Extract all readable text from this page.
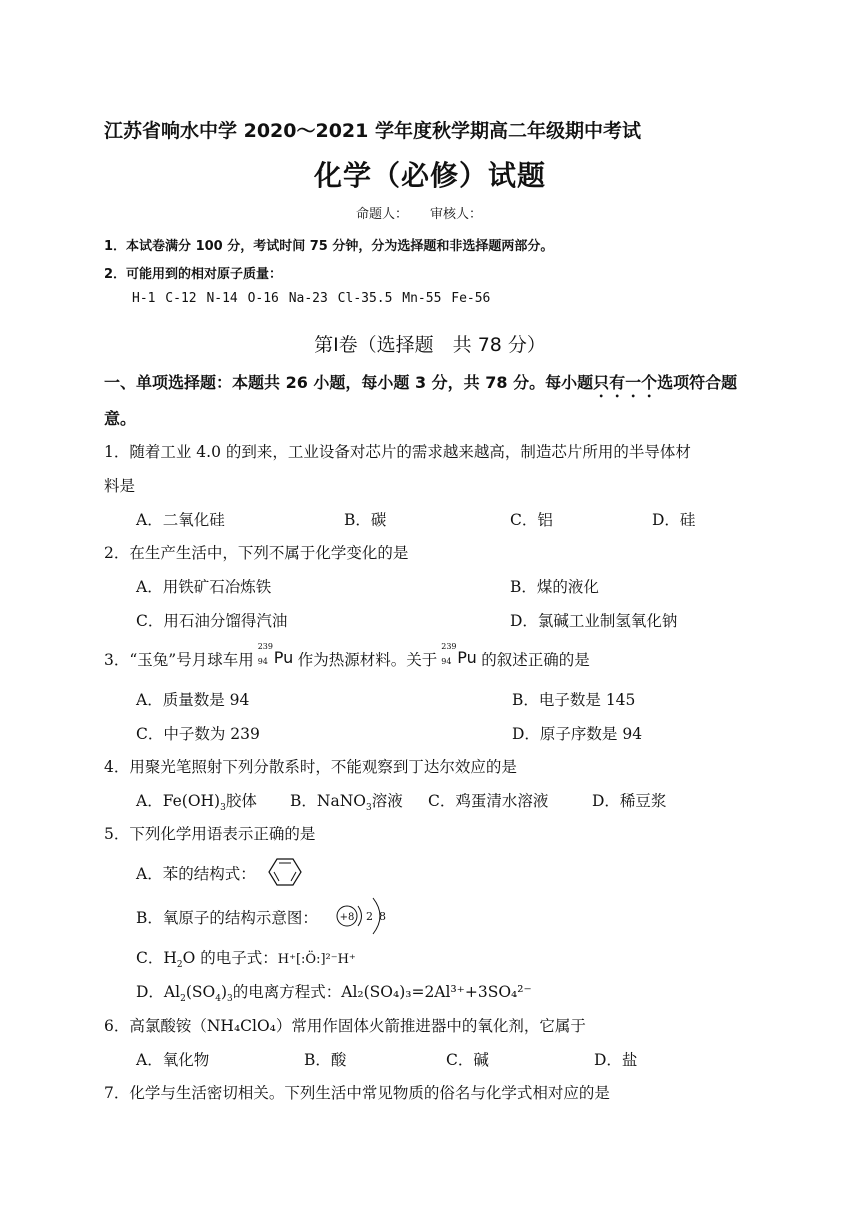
江苏省响水中学 2020～2021 学年度秋学期高二年级期中考试
化学（必修）试题
命题人： 审核人：
1．本试卷满分 100 分，考试时间 75 分钟，分为选择题和非选择题两部分。
2．可能用到的相对原子质量：
H-1 C-12 N-14 O-16 Na-23 Cl-35.5 Mn-55 Fe-56
第Ⅰ卷（选择题　共 78 分）
一、单项选择题：本题共 26 小题，每小题 3 分，共 78 分。每小题只有一个选项符合题
意。
1．随着工业 4.0 的到来，工业设备对芯片的需求越来越高，制造芯片所用的半导体材
料是
A．二氧化硅	B．碳	C．铝	D．硅
2．在生产生活中，下列不属于化学变化的是
A．用铁矿石冶炼铁	B．煤的液化
C．用石油分馏得汽油	D．氯碱工业制氢氧化钠
3．“玉兔”号月球车用
239
94 Pu 作为热源材料。关于
239
94 Pu 的叙述正确的是
A．质量数是 94	B．电子数是 145
C．中子数为 239	D．原子序数是 94
4．用聚光笔照射下列分散系时，不能观察到丁达尔效应的是
A．$Fe(OH)_3$胶体 B．NaNO$_3$溶液 C．鸡蛋清水溶液	D．稀豆浆
5．下列化学用语表示正确的是
A．苯的结构式：
B．氧原子的结构示意图： +8 2 8
C．$H_2O$ 的电子式：H⁺[:Ö:]²⁻H⁺
D．$Al_2(SO_4)_3$的电离方程式：Al₂(SO₄)₃=2Al³⁺+3SO₄²⁻
6．高氯酸铵（NH₄ClO₄）常用作固体火箭推进器中的氧化剂，它属于
A．氧化物	B．酸	C．碱	D．盐
7．化学与生活密切相关。下列生活中常见物质的俗名与化学式相对应的是
